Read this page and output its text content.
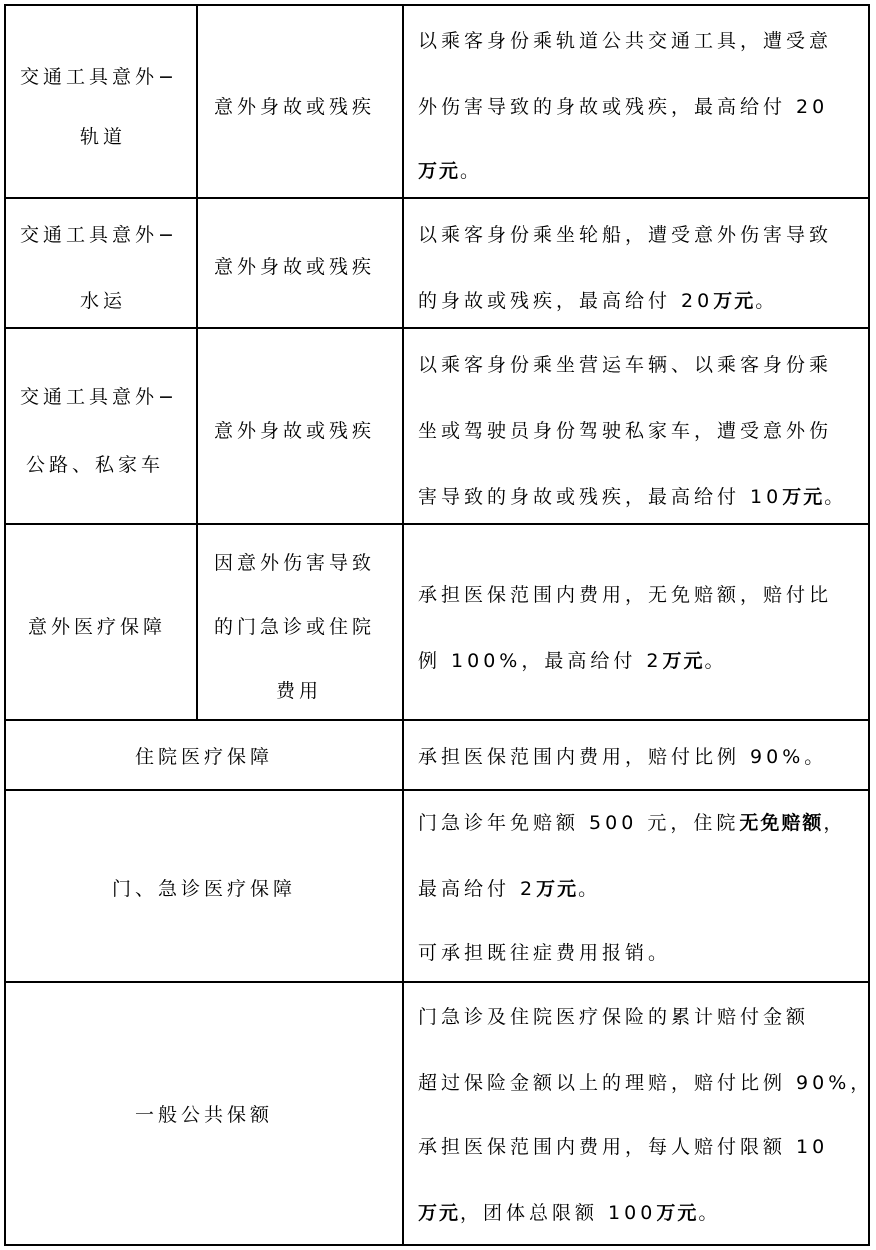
交通工具意外−
轨道
意外身故或残疾
以乘客身份乘轨道公共交通工具，遭受意
外伤害导致的身故或残疾，最高给付 20
万元。
交通工具意外−
水运
意外身故或残疾
以乘客身份乘坐轮船，遭受意外伤害导致
的身故或残疾，最高给付 20万元。
交通工具意外−
公路、私家车
意外身故或残疾
以乘客身份乘坐营运车辆、以乘客身份乘
坐或驾驶员身份驾驶私家车，遭受意外伤
害导致的身故或残疾，最高给付 10万元。
意外医疗保障
因意外伤害导致
的门急诊或住院
费用
承担医保范围内费用，无免赔额，赔付比
例 100%，最高给付 2万元。
住院医疗保障	承担医保范围内费用，赔付比例 90%。
门、急诊医疗保障
门急诊年免赔额 500 元，住院无免赔额，
最高给付 2万元。
可承担既往症费用报销。
一般公共保额
门急诊及住院医疗保险的累计赔付金额
超过保险金额以上的理赔，赔付比例 90%，
承担医保范围内费用，每人赔付限额 10
万元，团体总限额 100万元。
